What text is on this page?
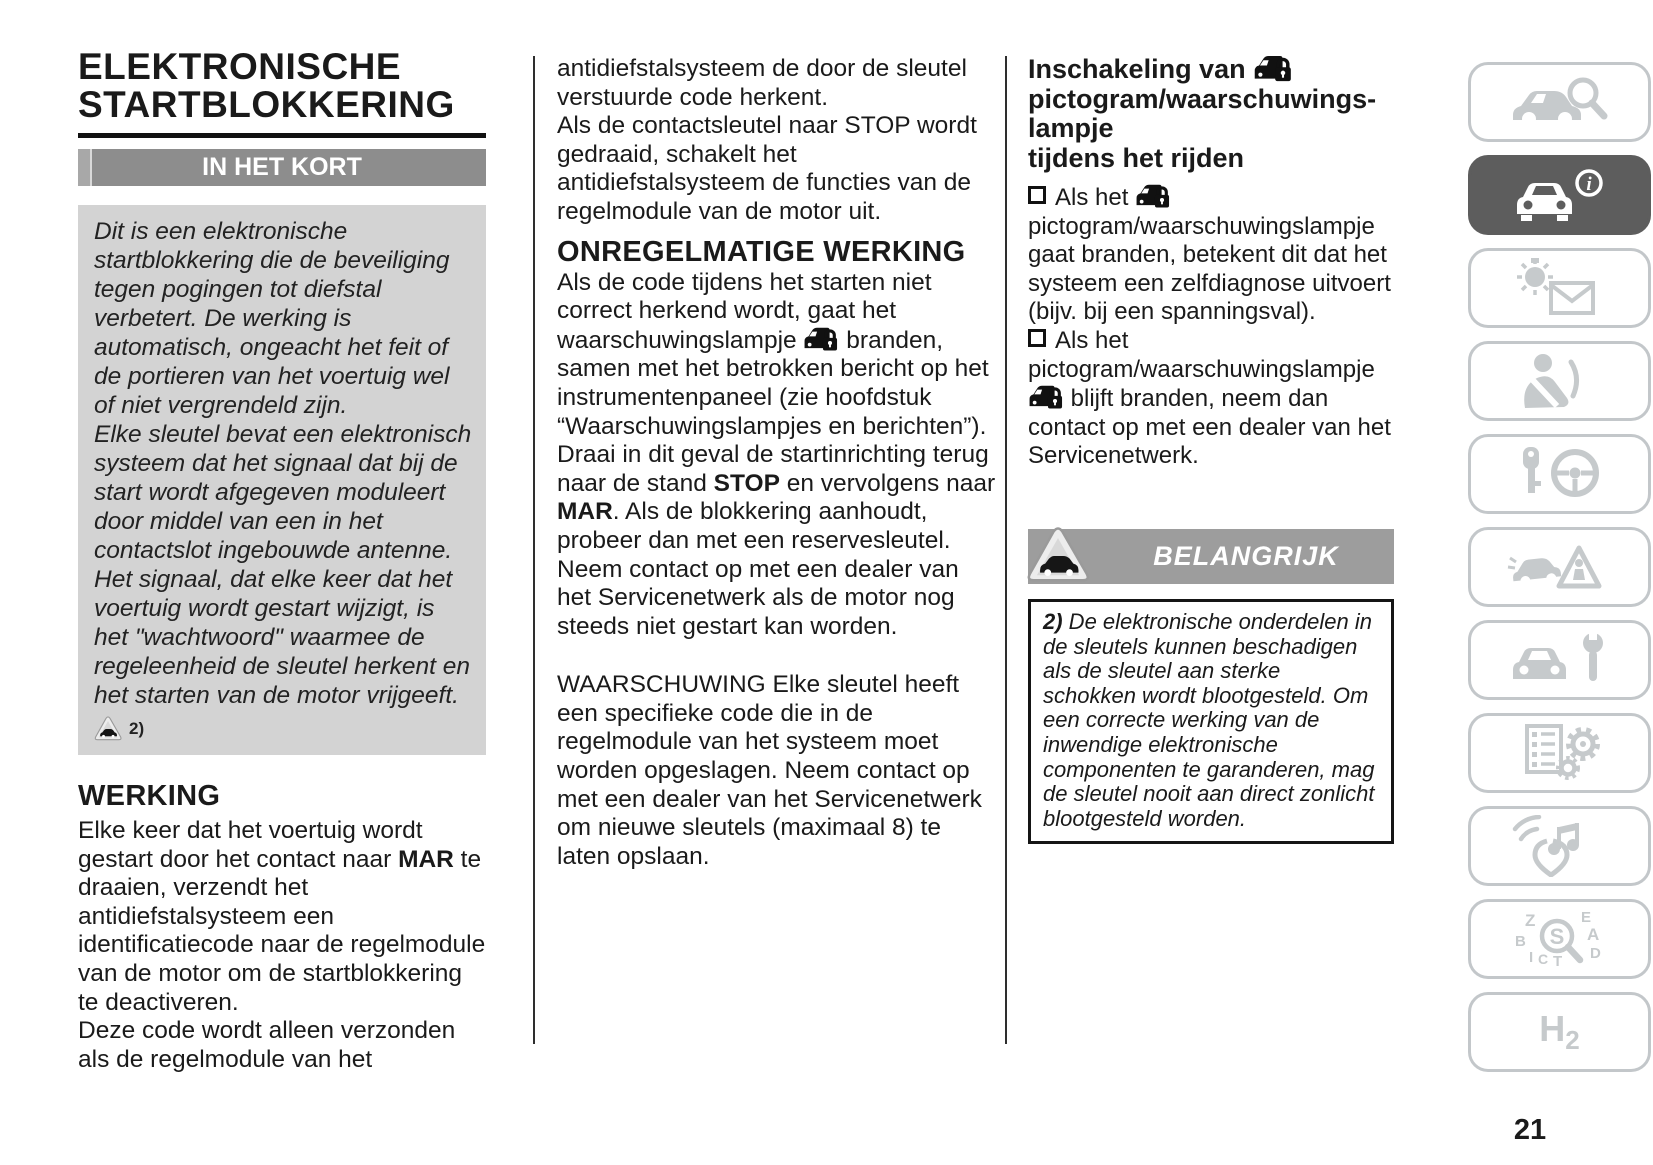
ELEKTRONISCHE
STARTBLOKKERING
IN HET KORT

Dit is een elektronische startblokkering die de beveiliging tegen pogingen tot diefstal verbetert. De werking is automatisch, ongeacht het feit of de portieren van het voertuig wel of niet vergrendeld zijn.

Elke sleutel bevat een elektronisch systeem dat het signaal dat bij de start wordt afgegeven moduleert door middel van een in het contactslot ingebouwde antenne. Het signaal, dat elke keer dat het voertuig wordt gestart wijzigt, is het "wachtwoord" waarmee de regeleenheid de sleutel herkent en het starten van de motor vrijgeeft.

2)
WERKING

Elke keer dat het voertuig wordt gestart door het contact naar MAR te draaien, verzendt het antidiefstalsysteem een identificatiecode naar de regelmodule van de motor om de startblokkering te deactiveren.

Deze code wordt alleen verzonden als de regelmodule van het

antidiefstalsysteem de door de sleutel verstuurde code herkent.

Als de contactsleutel naar STOP wordt gedraaid, schakelt het antidiefstalsysteem de functies van de regelmodule van de motor uit.

ONREGELMATIGE WERKING

Als de code tijdens het starten niet correct herkend wordt, gaat het waarschuwingslampje  branden, samen met het betrokken bericht op het instrumentenpaneel (zie hoofdstuk “Waarschuwingslampjes en berichten”). Draai in dit geval de startinrichting terug naar de stand STOP en vervolgens naar MAR. Als de blokkering aanhoudt, probeer dan met een reservesleutel. Neem contact op met een dealer van het Servicenetwerk als de motor nog steeds niet gestart kan worden.

WAARSCHUWING Elke sleutel heeft een specifieke code die in de regelmodule van het systeem moet worden opgeslagen. Neem contact op met een dealer van het Servicenetwerk om nieuwe sleutels (maximaal 8) te laten opslaan.

Inschakeling van
pictogram/waarschuwings-
lampje
tijdens het rijden

Als het  pictogram/waarschuwingslampje gaat branden, betekent dit dat het systeem een zelfdiagnose uitvoert (bijv. bij een spanningsval).

Als het pictogram/waarschuwingslampje  blijft branden, neem dan contact op met een dealer van het Servicenetwerk.

BELANGRIJK
2) De elektronische onderdelen in de sleutels kunnen beschadigen als de sleutel aan sterke schokken wordt blootgesteld. Om een correcte werking van de inwendige elektronische componenten te garanderen, mag de sleutel nooit aan direct zonlicht blootgesteld worden.
i
Z
B
E
A
D
I C T
S
$H_2$
21
